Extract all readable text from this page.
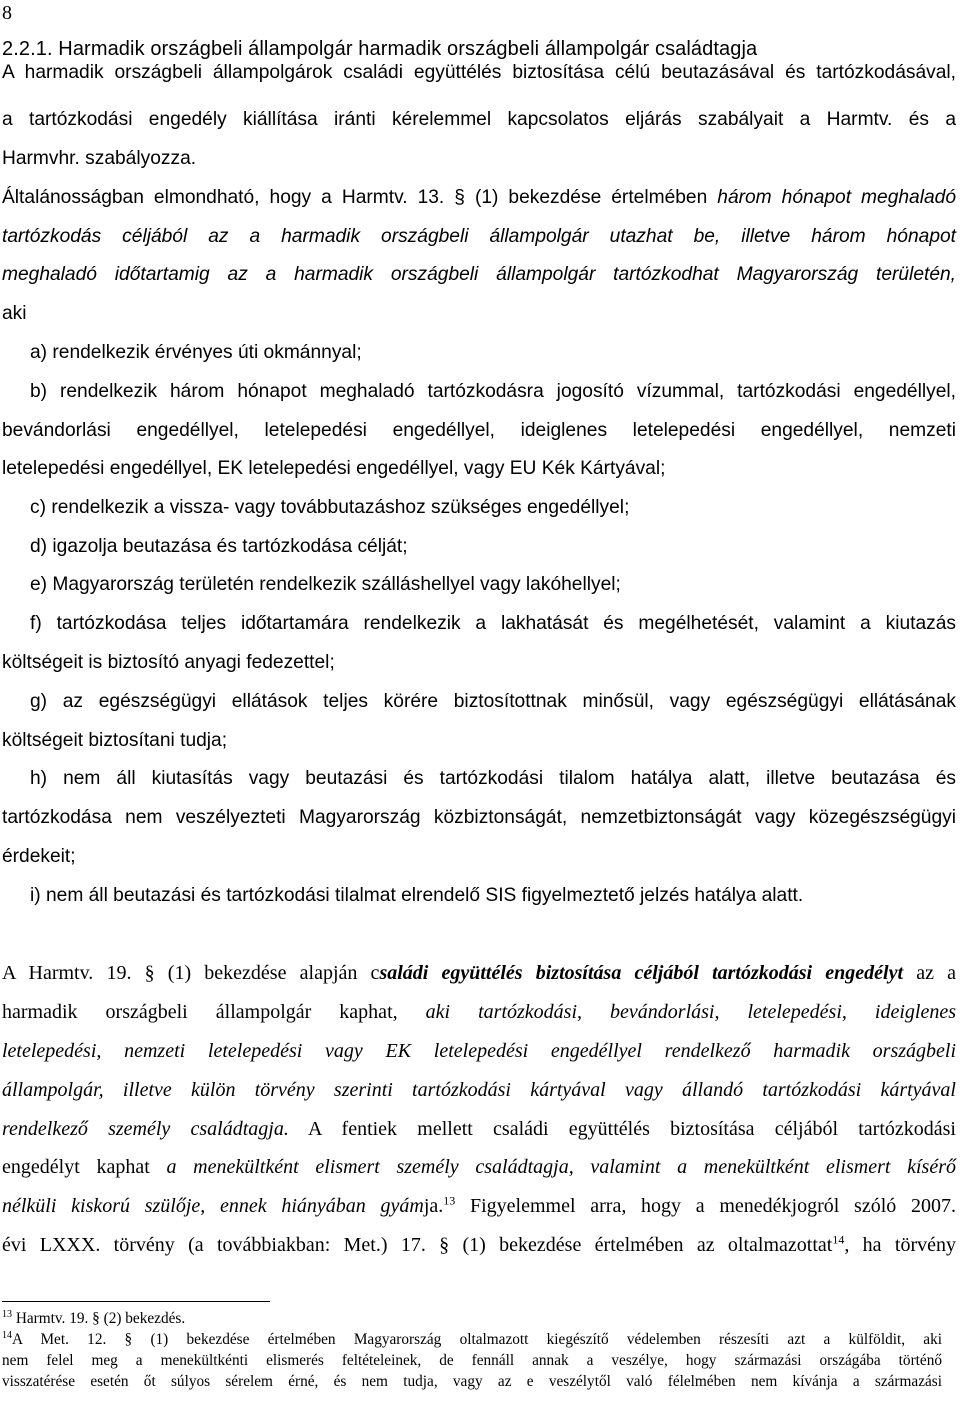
8
2.2.1. Harmadik országbeli állampolgár harmadik országbeli állampolgár családtagja
A harmadik országbeli állampolgárok családi együttélés biztosítása célú beutazásával és tartózkodásával,
a tartózkodási engedély kiállítása iránti kérelemmel kapcsolatos eljárás szabályait a Harmtv. és a
Harmvhr. szabályozza.
Általánosságban elmondható, hogy a Harmtv. 13. § (1) bekezdése értelmében három hónapot meghaladó
tartózkodás céljából az a harmadik országbeli állampolgár utazhat be, illetve három hónapot
meghaladó időtartamig az a harmadik országbeli állampolgár tartózkodhat Magyarország területén,
aki
a) rendelkezik érvényes úti okmánnyal;
b) rendelkezik három hónapot meghaladó tartózkodásra jogosító vízummal, tartózkodási engedéllyel,
bevándorlási engedéllyel, letelepedési engedéllyel, ideiglenes letelepedési engedéllyel, nemzeti
letelepedési engedéllyel, EK letelepedési engedéllyel, vagy EU Kék Kártyával;
c) rendelkezik a vissza- vagy továbbutazáshoz szükséges engedéllyel;
d) igazolja beutazása és tartózkodása célját;
e) Magyarország területén rendelkezik szálláshellyel vagy lakóhellyel;
f) tartózkodása teljes időtartamára rendelkezik a lakhatását és megélhetését, valamint a kiutazás
költségeit is biztosító anyagi fedezettel;
g) az egészségügyi ellátások teljes körére biztosítottnak minősül, vagy egészségügyi ellátásának
költségeit biztosítani tudja;
h) nem áll kiutasítás vagy beutazási és tartózkodási tilalom hatálya alatt, illetve beutazása és
tartózkodása nem veszélyezteti Magyarország közbiztonságát, nemzetbiztonságát vagy közegészségügyi
érdekeit;
i) nem áll beutazási és tartózkodási tilalmat elrendelő SIS figyelmeztető jelzés hatálya alatt.
A Harmtv. 19. § (1) bekezdése alapján családi együttélés biztosítása céljából tartózkodási engedélyt az a
harmadik országbeli állampolgár kaphat, aki tartózkodási, bevándorlási, letelepedési, ideiglenes
letelepedési, nemzeti letelepedési vagy EK letelepedési engedéllyel rendelkező harmadik országbeli
állampolgár, illetve külön törvény szerinti tartózkodási kártyával vagy állandó tartózkodási kártyával
rendelkező személy családtagja. A fentiek mellett családi együttélés biztosítása céljából tartózkodási
engedélyt kaphat a menekültként elismert személy családtagja, valamint a menekültként elismert kísérő
nélküli kiskorú szülője, ennek hiányában gyámja.$^{13}$ Figyelemmel arra, hogy a menedékjogról szóló 2007.
évi LXXX. törvény (a továbbiakban: Met.) 17. § (1) bekezdése értelmében az oltalmazottat$^{14}$, ha törvény
$^{13}$ Harmtv. 19. § (2) bekezdés.
$^{14}$A Met. 12. § (1) bekezdése értelmében Magyarország oltalmazott kiegészítő védelemben részesíti azt a külföldit, aki
nem felel meg a menekültkénti elismerés feltételeinek, de fennáll annak a veszélye, hogy származási országába történő
visszatérése esetén őt súlyos sérelem érné, és nem tudja, vagy az e veszélytől való félelmében nem kívánja a származási
